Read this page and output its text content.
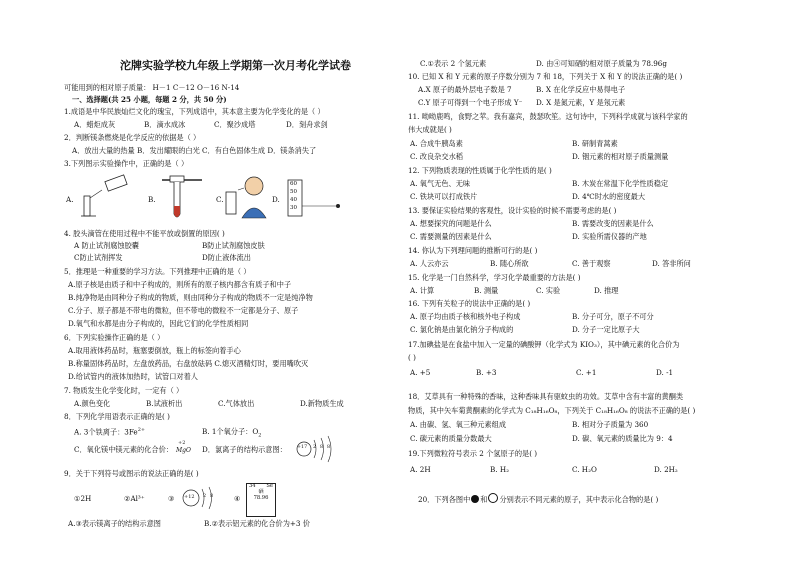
沱牌实验学校九年级上学期第一次月考化学试卷
可能用到的相对原子质量： H－1 C－12 O－16 N-14
一、选择题(共 25 小题，每题 2 分，共 50 分)
1.成语是中华民族灿烂文化的瑰宝，下列成语中，其本意主要为化学变化的是（ ）
A．蜡炬成灰	B．滴水成冰	C．聚沙成塔	D．刻舟求剑
2．判断镁条燃烧是化学反应的依据是（ ）
A．放出大量的热量 B．发出耀眼的白光 C．有白色固体生成 D．镁条消失了
3.下列图示实验操作中，正确的是（ ）
A.	B.	C.	D.
60
50
40
30
4. 胶头滴管在使用过程中不能平放或倒置的原因( )
A 防止试剂腐蚀胶囊	B防止试剂腐蚀皮肤
C防止试剂挥发	D防止液体流出
5．推理是一种重要的学习方法。下列推理中正确的是（ ）
A.原子核是由质子和中子构成的，则所有的原子核内都含有质子和中子
B.纯净物是由同种分子构成的物质，则由同种分子构成的物质不一定是纯净物
C.分子、原子都是不带电的微粒，但不带电的微粒不一定都是分子、原子
D.氧气和水都是由分子构成的，因此它们的化学性质相同
6．下列实验操作正确的是（ ）
A.取用液体药品时，瓶塞要倒放，瓶上的标签向着手心
B.称量固体药品时，左盘放药品，右盘放砝码 C.熄灭酒精灯时，要用嘴吹灭
D.给试管内的液体加热时，试管口对着人
7. 物质发生化学变化时，一定有（ ）
A.颜色变化	B.试液析出	C.气体放出	D.新物质生成
8．下列化学用语表示正确的是( )
A. 3个铁离子：$3Fe^{2+}$	B. 1个氧分子：$O_2$
C．氧化镁中镁元素的化合价：
+2
MgO D．氯离子的结构示意图： +17 2 8 8
9．关于下列符号或图示的说法正确的是( )
①2H	②Al³⁺	③ +12 2 8	④
34 Se
硒
78.96
A.③表示镁离子的结构示意图	B.②表示铝元素的化合价为+3 价
C.①表示 2 个氢元素	D. 由④可知硒的相对原子质量为 78.96g
10. 已知 X 和 Y 元素的原子序数分别为 7 和 18，下列关于 X 和 Y 的说法正确的是( )
A.X 原子的最外层电子数是 7	B. X 在化学反应中易得电子
C.Y 原子可得到一个电子形成 Y⁻ D. X 是氮元素，Y 是氖元素
11. 呦呦鹿鸣，食野之苹。我有嘉宾，鼓瑟吹笙。这句诗中，下列科学成就与该科学家的
伟大成就是( )
A. 合成牛胰岛素	B. 研制青蒿素
C. 改良杂交水稻	D. 铟元素的相对原子质量测量
12. 下列物质表现的性质属于化学性质的是( )
A. 氧气无色、无味	B. 木炭在常温下化学性质稳定
C. 铁块可以打成铁片	D. 4℃时水的密度最大
13. 要保证实验结果的客观性，设计实验的时候不需要考虑的是( )
A. 想要探究的问题是什么	B. 需要改变的因素是什么
C. 需要测量的因素是什么	D. 实验所需仪器的产地
14. 你认为下列理问题的推断可行的是( )
A. 人云亦云	B. 随心所欲	C. 善于观察	D. 答非所问
15. 化学是一门自然科学，学习化学最重要的方法是( )
A. 计算	B. 测量	C. 实验	D. 推理
16. 下列有关粒子的说法中正确的是( )
A. 原子均由质子核和核外电子构成	B. 分子可分，原子不可分
C. 氯化钠是由氯化钠分子构成的	D. 分子一定比原子大
17.加碘盐是在食盐中加入一定量的碘酸钾（化学式为 KIO₃），其中碘元素的化合价为
( )
A. +5	B. +3	C. +1	D. -1
18．艾草具有一种特殊的香味，这种香味具有驱蚊虫的功效。艾草中含有丰富的黄酮类
物质，其中矢车菊黄酮素的化学式为 C₁₈H₁₆O₈，下列关于 C₁₈H₁₆O₈ 的说法不正确的是( )
A. 由碳、氢、氧三种元素组成	B. 相对分子质量为 360
C. 碳元素的质量分数最大	D. 碳、氧元素的质量比为 9：4
19.下列微粒符号表示 2 个氢原子的是( )
A. 2H	B. H₂	C. H₂O	D. 2H₂
20．下列各图中 和 分别表示不同元素的原子，其中表示化合物的是( )
